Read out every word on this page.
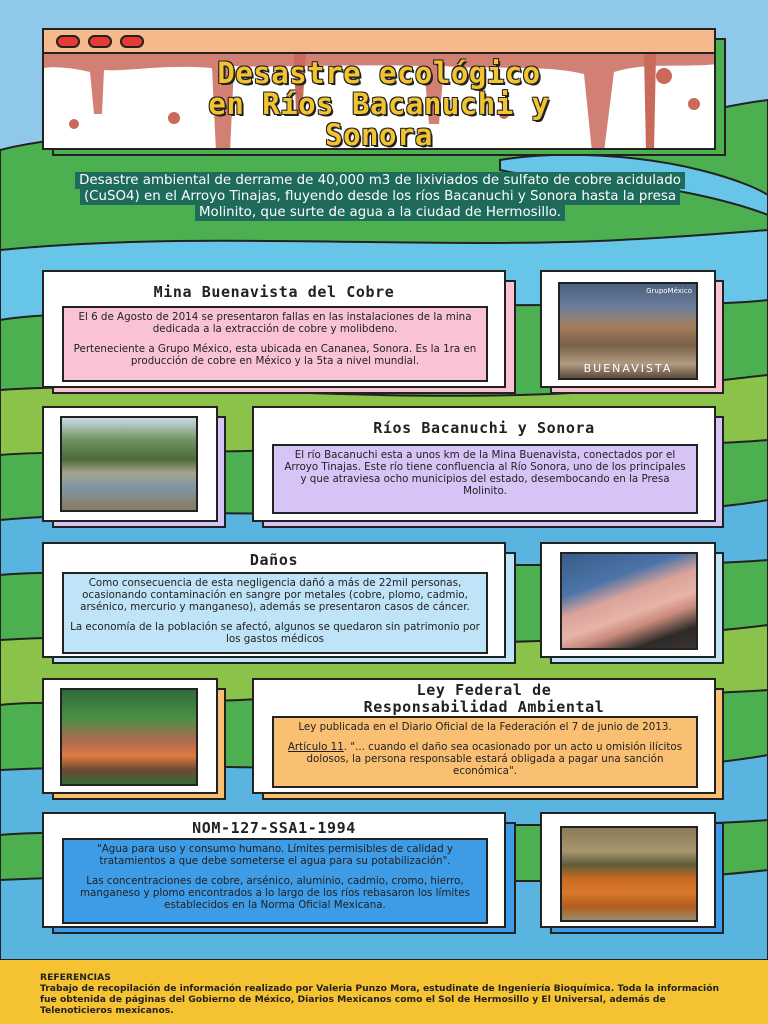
Desastre ecológico
en Ríos Bacanuchi y
Sonora
Desastre ambiental de derrame de 40,000 m3 de lixiviados de sulfato de cobre acidulado (CuSO4) en el Arroyo Tinajas, fluyendo desde los ríos Bacanuchi y Sonora hasta la presa Molinito, que surte de agua a la ciudad de Hermosillo.
Mina Buenavista del Cobre

El 6 de Agosto de 2014 se presentaron fallas en las instalaciones de la mina dedicada a la extracción de cobre y molibdeno.

Perteneciente a Grupo México, esta ubicada en Cananea, Sonora. Es la 1ra en producción de cobre en México y la 5ta a nivel mundial.

GrupoMéxico
BUENAVISTA
Ríos Bacanuchi y Sonora

El río Bacanuchi esta a unos km de la Mina Buenavista, conectados por el Arroyo Tinajas. Este río tiene confluencia al Río Sonora, uno de los principales y que atraviesa ocho municipios del estado, desembocando en la Presa Molinito.

Daños

Como consecuencia de esta negligencia dañó a más de 22mil personas, ocasionando contaminación en sangre por metales (cobre, plomo, cadmio, arsénico, mercurio y manganeso), además se presentaron casos de cáncer.

La economía de la población se afectó, algunos se quedaron sin patrimonio por los gastos médicos

Ley Federal de
Responsabilidad Ambiental

Ley publicada en el Diario Oficial de la Federación el 7 de junio de 2013.

Artículo 11. "... cuando el daño sea ocasionado por un acto u omisión ilícitos dolosos, la persona responsable estará obligada a pagar una sanción económica".

NOM-127-SSA1-1994

"Agua para uso y consumo humano. Límites permisibles de calidad y tratamientos a que debe someterse el agua para su potabilización".

Las concentraciones de cobre, arsénico, aluminio, cadmio, cromo, hierro, manganeso y plomo encontrados a lo largo de los ríos rebasaron los límites establecidos en la Norma Oficial Mexicana.

REFERENCIAS
Trabajo de recopilación de información realizado por Valeria Punzo Mora, estudinate de Ingeniería Bioquímica. Toda la información fue obtenida de páginas del Gobierno de México, Diarios Mexicanos como el Sol de Hermosillo y El Universal, además de Telenoticieros mexicanos.
